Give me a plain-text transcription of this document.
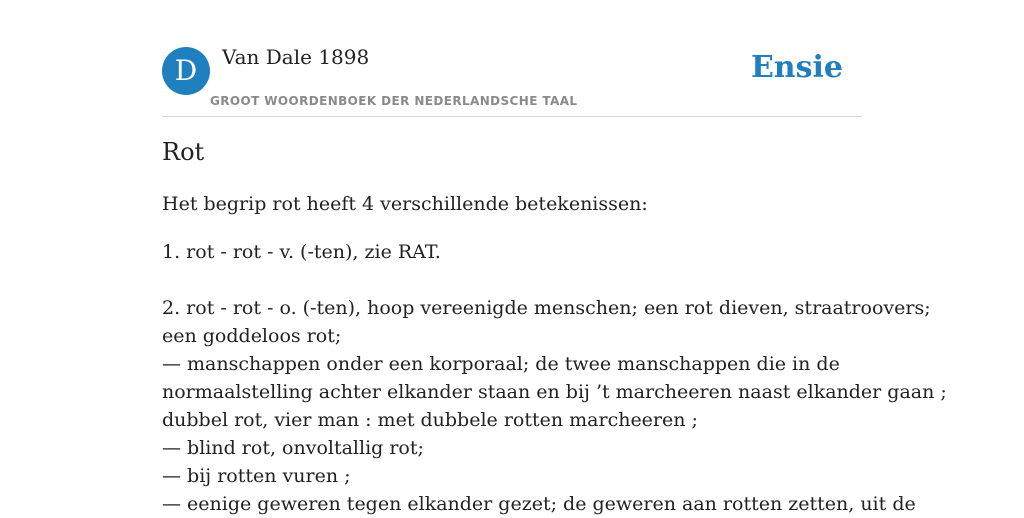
D	Van Dale 1898
GROOT WOORDENBOEK DER NEDERLANDSCHE TAAL
Ensie
Rot

Het begrip rot heeft 4 verschillende betekenissen:

1. rot - rot - v. (-ten), zie RAT.
2. rot - rot - o. (-ten), hoop vereenigde menschen; een rot dieven, straatroovers;
een goddeloos rot;
— manschappen onder een korporaal; de twee manschappen die in de
normaalstelling achter elkander staan en bij ’t marcheeren naast elkander gaan ;
dubbel rot, vier man : met dubbele rotten marcheeren ;
— blind rot, onvoltallig rot;
— bij rotten vuren ;
— eenige geweren tegen elkander gezet; de geweren aan rotten zetten, uit de
